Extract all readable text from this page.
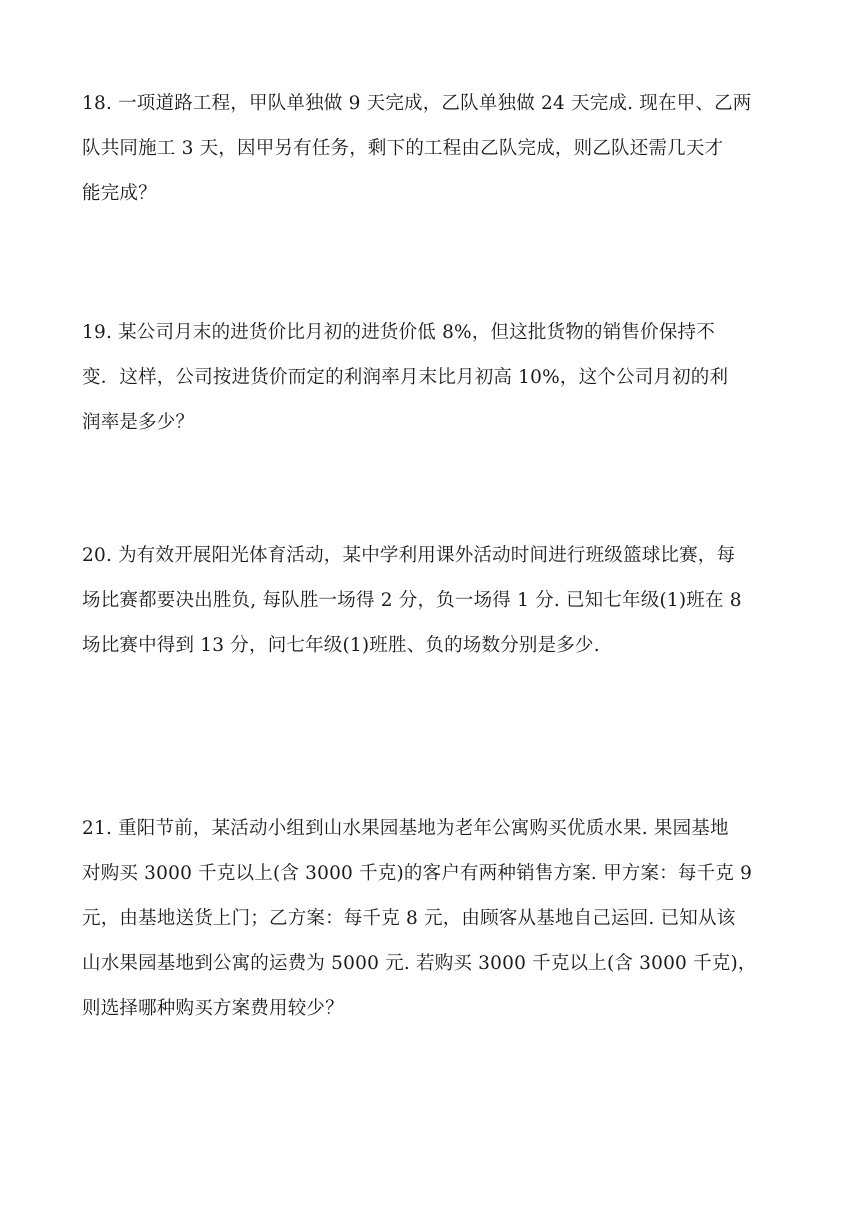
18. 一项道路工程，甲队单独做 9 天完成，乙队单独做 24 天完成. 现在甲、乙两
队共同施工 3 天，因甲另有任务，剩下的工程由乙队完成，则乙队还需几天才
能完成？
19. 某公司月末的进货价比月初的进货价低 8%，但这批货物的销售价保持不
变．这样，公司按进货价而定的利润率月末比月初高 10%，这个公司月初的利
润率是多少？
20. 为有效开展阳光体育活动，某中学利用课外活动时间进行班级篮球比赛，每
场比赛都要决出胜负, 每队胜一场得 2 分，负一场得 1 分. 已知七年级(1)班在 8
场比赛中得到 13 分，问七年级(1)班胜、负的场数分别是多少.
21. 重阳节前，某活动小组到山水果园基地为老年公寓购买优质水果. 果园基地
对购买 3000 千克以上(含 3000 千克)的客户有两种销售方案. 甲方案：每千克 9
元，由基地送货上门；乙方案：每千克 8 元，由顾客从基地自己运回. 已知从该
山水果园基地到公寓的运费为 5000 元. 若购买 3000 千克以上(含 3000 千克)，
则选择哪种购买方案费用较少？
